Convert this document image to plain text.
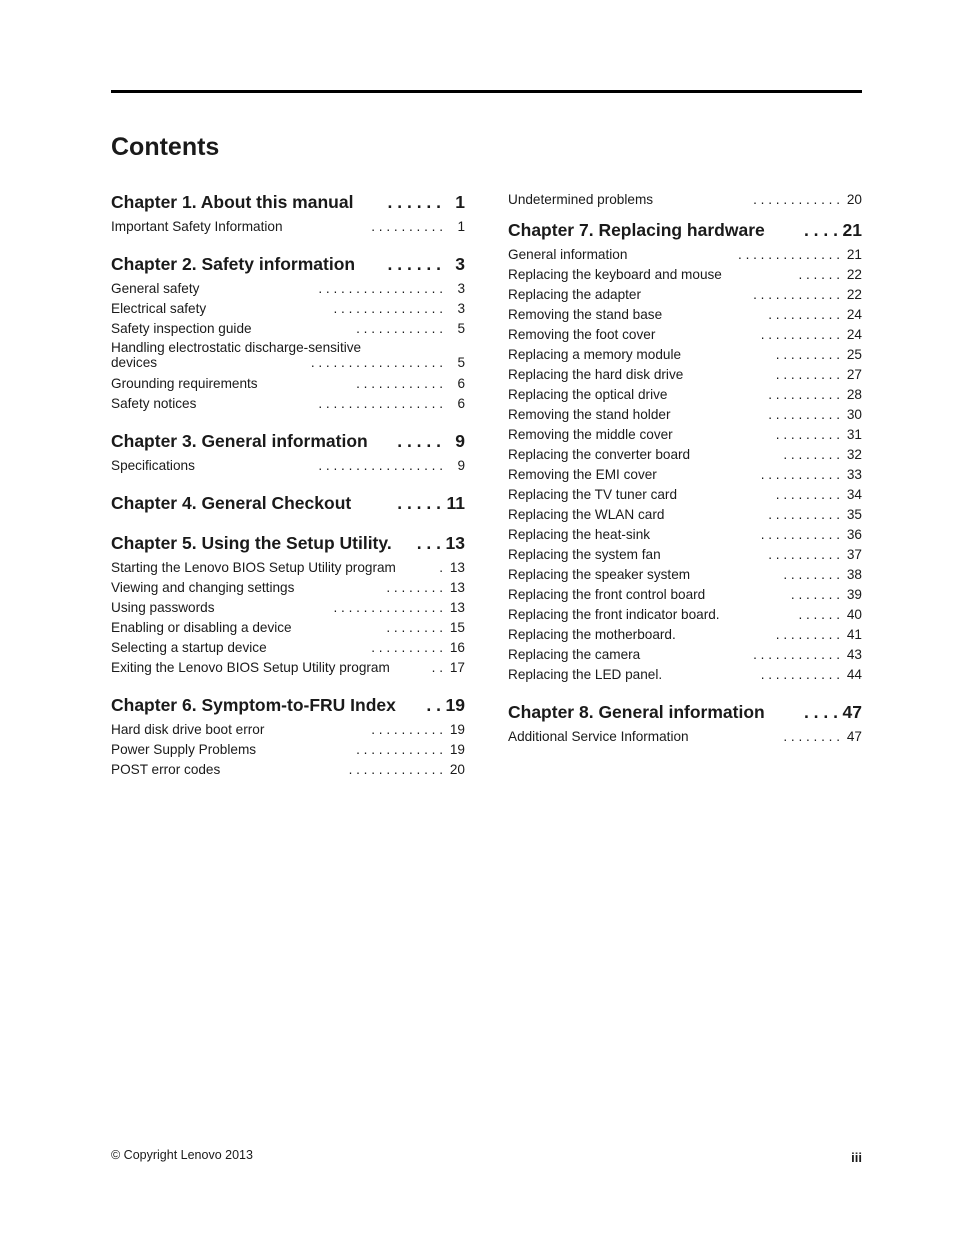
Contents
Chapter 1. About this manual . . . . . . 1
Important Safety Information	. . . . . . . . . . 1
Chapter 2. Safety information . . . . . . 3
General safety	. . . . . . . . . . . . . . . . . 3
Electrical safety	. . . . . . . . . . . . . . . 3
Safety inspection guide	. . . . . . . . . . . . 5
Handling electrostatic discharge-sensitive
devices	. . . . . . . . . . . . . . . . . . 5
Grounding requirements	. . . . . . . . . . . . 6
Safety notices	. . . . . . . . . . . . . . . . . 6
Chapter 3. General information . . . . . 9
Specifications	. . . . . . . . . . . . . . . . . 9
Chapter 4. General Checkout	. . . . . 11
Chapter 5. Using the Setup Utility. . . . 13
Starting the Lenovo BIOS Setup Utility program	. 13
Viewing and changing settings	. . . . . . . . 13
Using passwords	. . . . . . . . . . . . . . . 13
Enabling or disabling a device	. . . . . . . . 15
Selecting a startup device	. . . . . . . . . . 16
Exiting the Lenovo BIOS Setup Utility program	. . 17
Chapter 6. Symptom-to-FRU Index . . 19
Hard disk drive boot error	. . . . . . . . . . 19
Power Supply Problems	. . . . . . . . . . . . 19
POST error codes	. . . . . . . . . . . . . 20
Undetermined problems	. . . . . . . . . . . . 20
Chapter 7. Replacing hardware . . . . 21
General information	. . . . . . . . . . . . . . 21
Replacing the keyboard and mouse	. . . . . . 22
Replacing the adapter	. . . . . . . . . . . . 22
Removing the stand base	. . . . . . . . . . 24
Removing the foot cover	. . . . . . . . . . . 24
Replacing a memory module	. . . . . . . . . 25
Replacing the hard disk drive	. . . . . . . . . 27
Replacing the optical drive	. . . . . . . . . . 28
Removing the stand holder	. . . . . . . . . . 30
Removing the middle cover	. . . . . . . . . 31
Replacing the converter board	. . . . . . . . 32
Removing the EMI cover	. . . . . . . . . . . 33
Replacing the TV tuner card	. . . . . . . . . 34
Replacing the WLAN card	. . . . . . . . . . 35
Replacing the heat-sink	. . . . . . . . . . . 36
Replacing the system fan	. . . . . . . . . . 37
Replacing the speaker system	. . . . . . . . 38
Replacing the front control board	. . . . . . . 39
Replacing the front indicator board.	. . . . . . 40
Replacing the motherboard.	. . . . . . . . . 41
Replacing the camera	. . . . . . . . . . . . 43
Replacing the LED panel.	. . . . . . . . . . . 44
Chapter 8. General information . . . . 47
Additional Service Information	. . . . . . . . 47
© Copyright Lenovo 2013	iii
